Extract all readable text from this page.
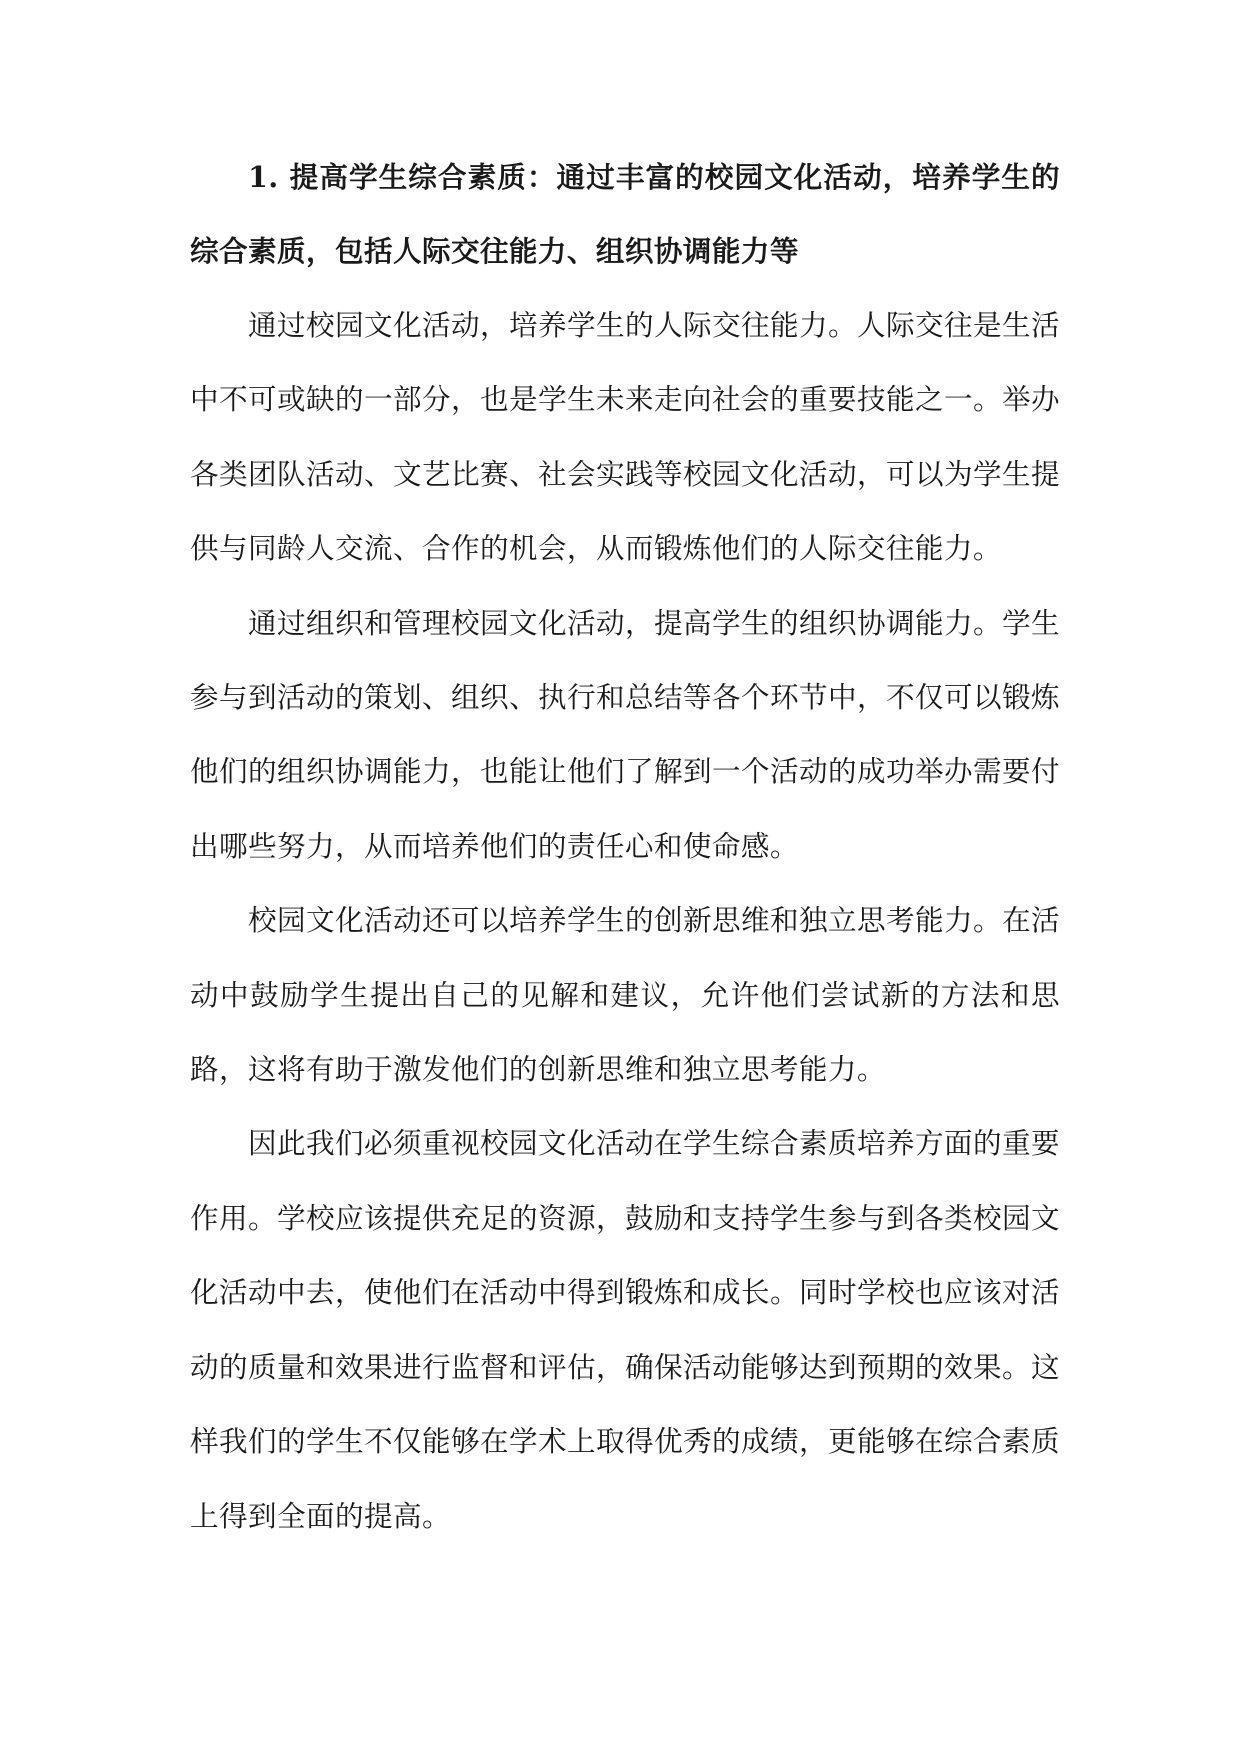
1. 提高学生综合素质：通过丰富的校园文化活动，培养学生的综合素质，包括人际交往能力、组织协调能力等

通过校园文化活动，培养学生的人际交往能力。人际交往是生活中不可或缺的一部分，也是学生未来走向社会的重要技能之一。举办各类团队活动、文艺比赛、社会实践等校园文化活动，可以为学生提供与同龄人交流、合作的机会，从而锻炼他们的人际交往能力。

通过组织和管理校园文化活动，提高学生的组织协调能力。学生参与到活动的策划、组织、执行和总结等各个环节中，不仅可以锻炼他们的组织协调能力，也能让他们了解到一个活动的成功举办需要付出哪些努力，从而培养他们的责任心和使命感。

校园文化活动还可以培养学生的创新思维和独立思考能力。在活动中鼓励学生提出自己的见解和建议，允许他们尝试新的方法和思路，这将有助于激发他们的创新思维和独立思考能力。

因此我们必须重视校园文化活动在学生综合素质培养方面的重要作用。学校应该提供充足的资源，鼓励和支持学生参与到各类校园文化活动中去，使他们在活动中得到锻炼和成长。同时学校也应该对活动的质量和效果进行监督和评估，确保活动能够达到预期的效果。这样我们的学生不仅能够在学术上取得优秀的成绩，更能够在综合素质上得到全面的提高。
